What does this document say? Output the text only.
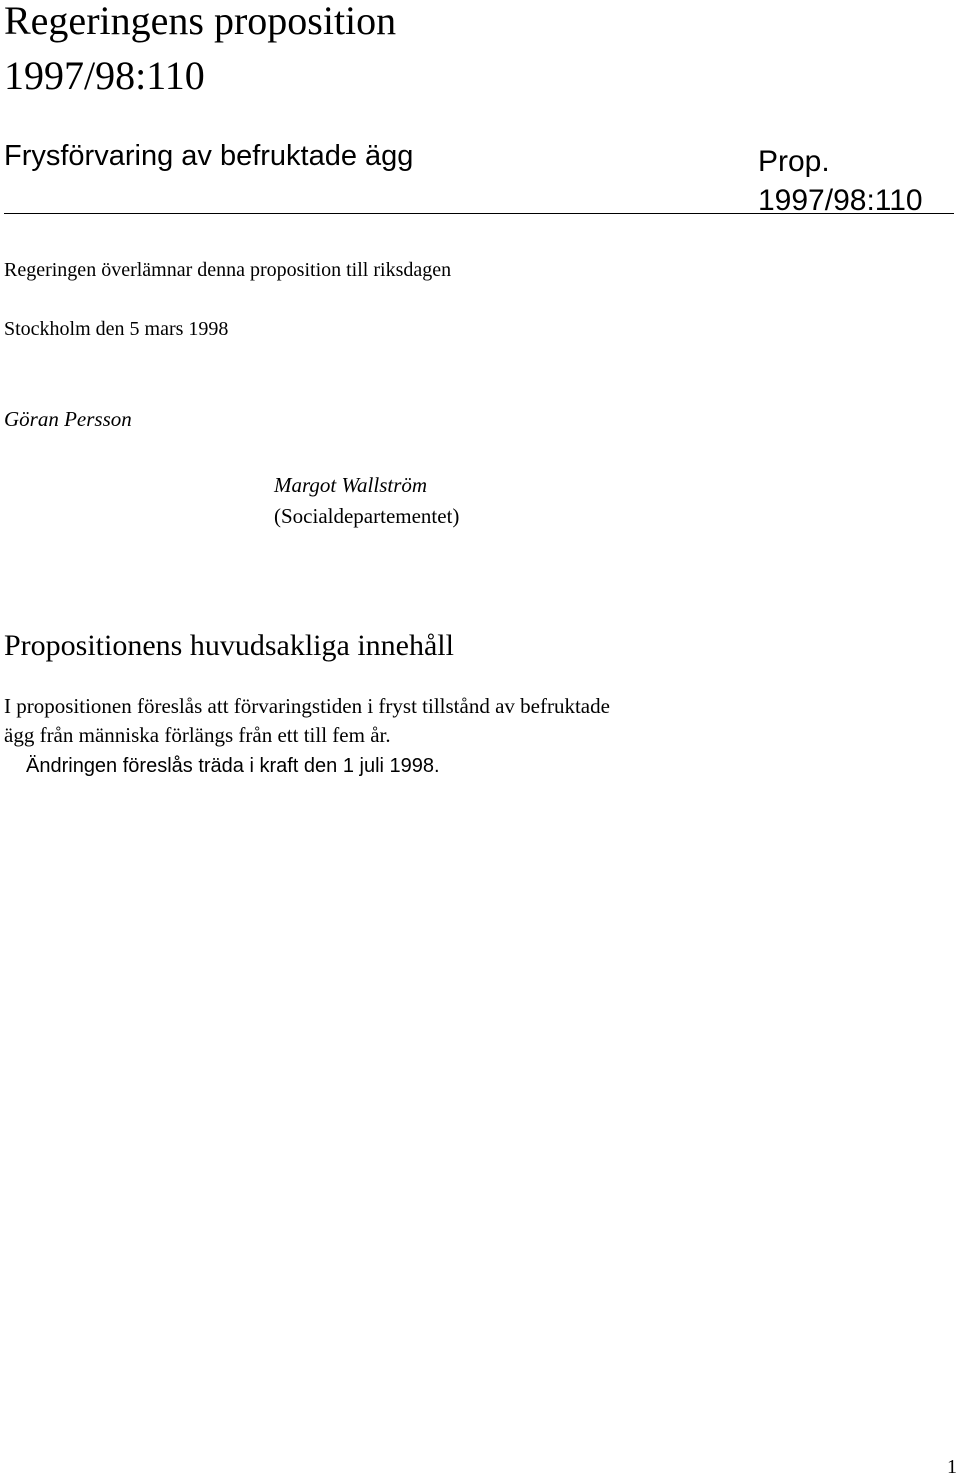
Regeringens proposition
1997/98:110
Frysförvaring av befruktade ägg	Prop.
1997/98:110
Regeringen överlämnar denna proposition till riksdagen
Stockholm den 5 mars 1998
Göran Persson
Margot Wallström
(Socialdepartementet)
Propositionens huvudsakliga innehåll
I propositionen föreslås att förvaringstiden i fryst tillstånd av befruktade
ägg från människa förlängs från ett till fem år.
Ändringen föreslås träda i kraft den 1 juli 1998.
1
